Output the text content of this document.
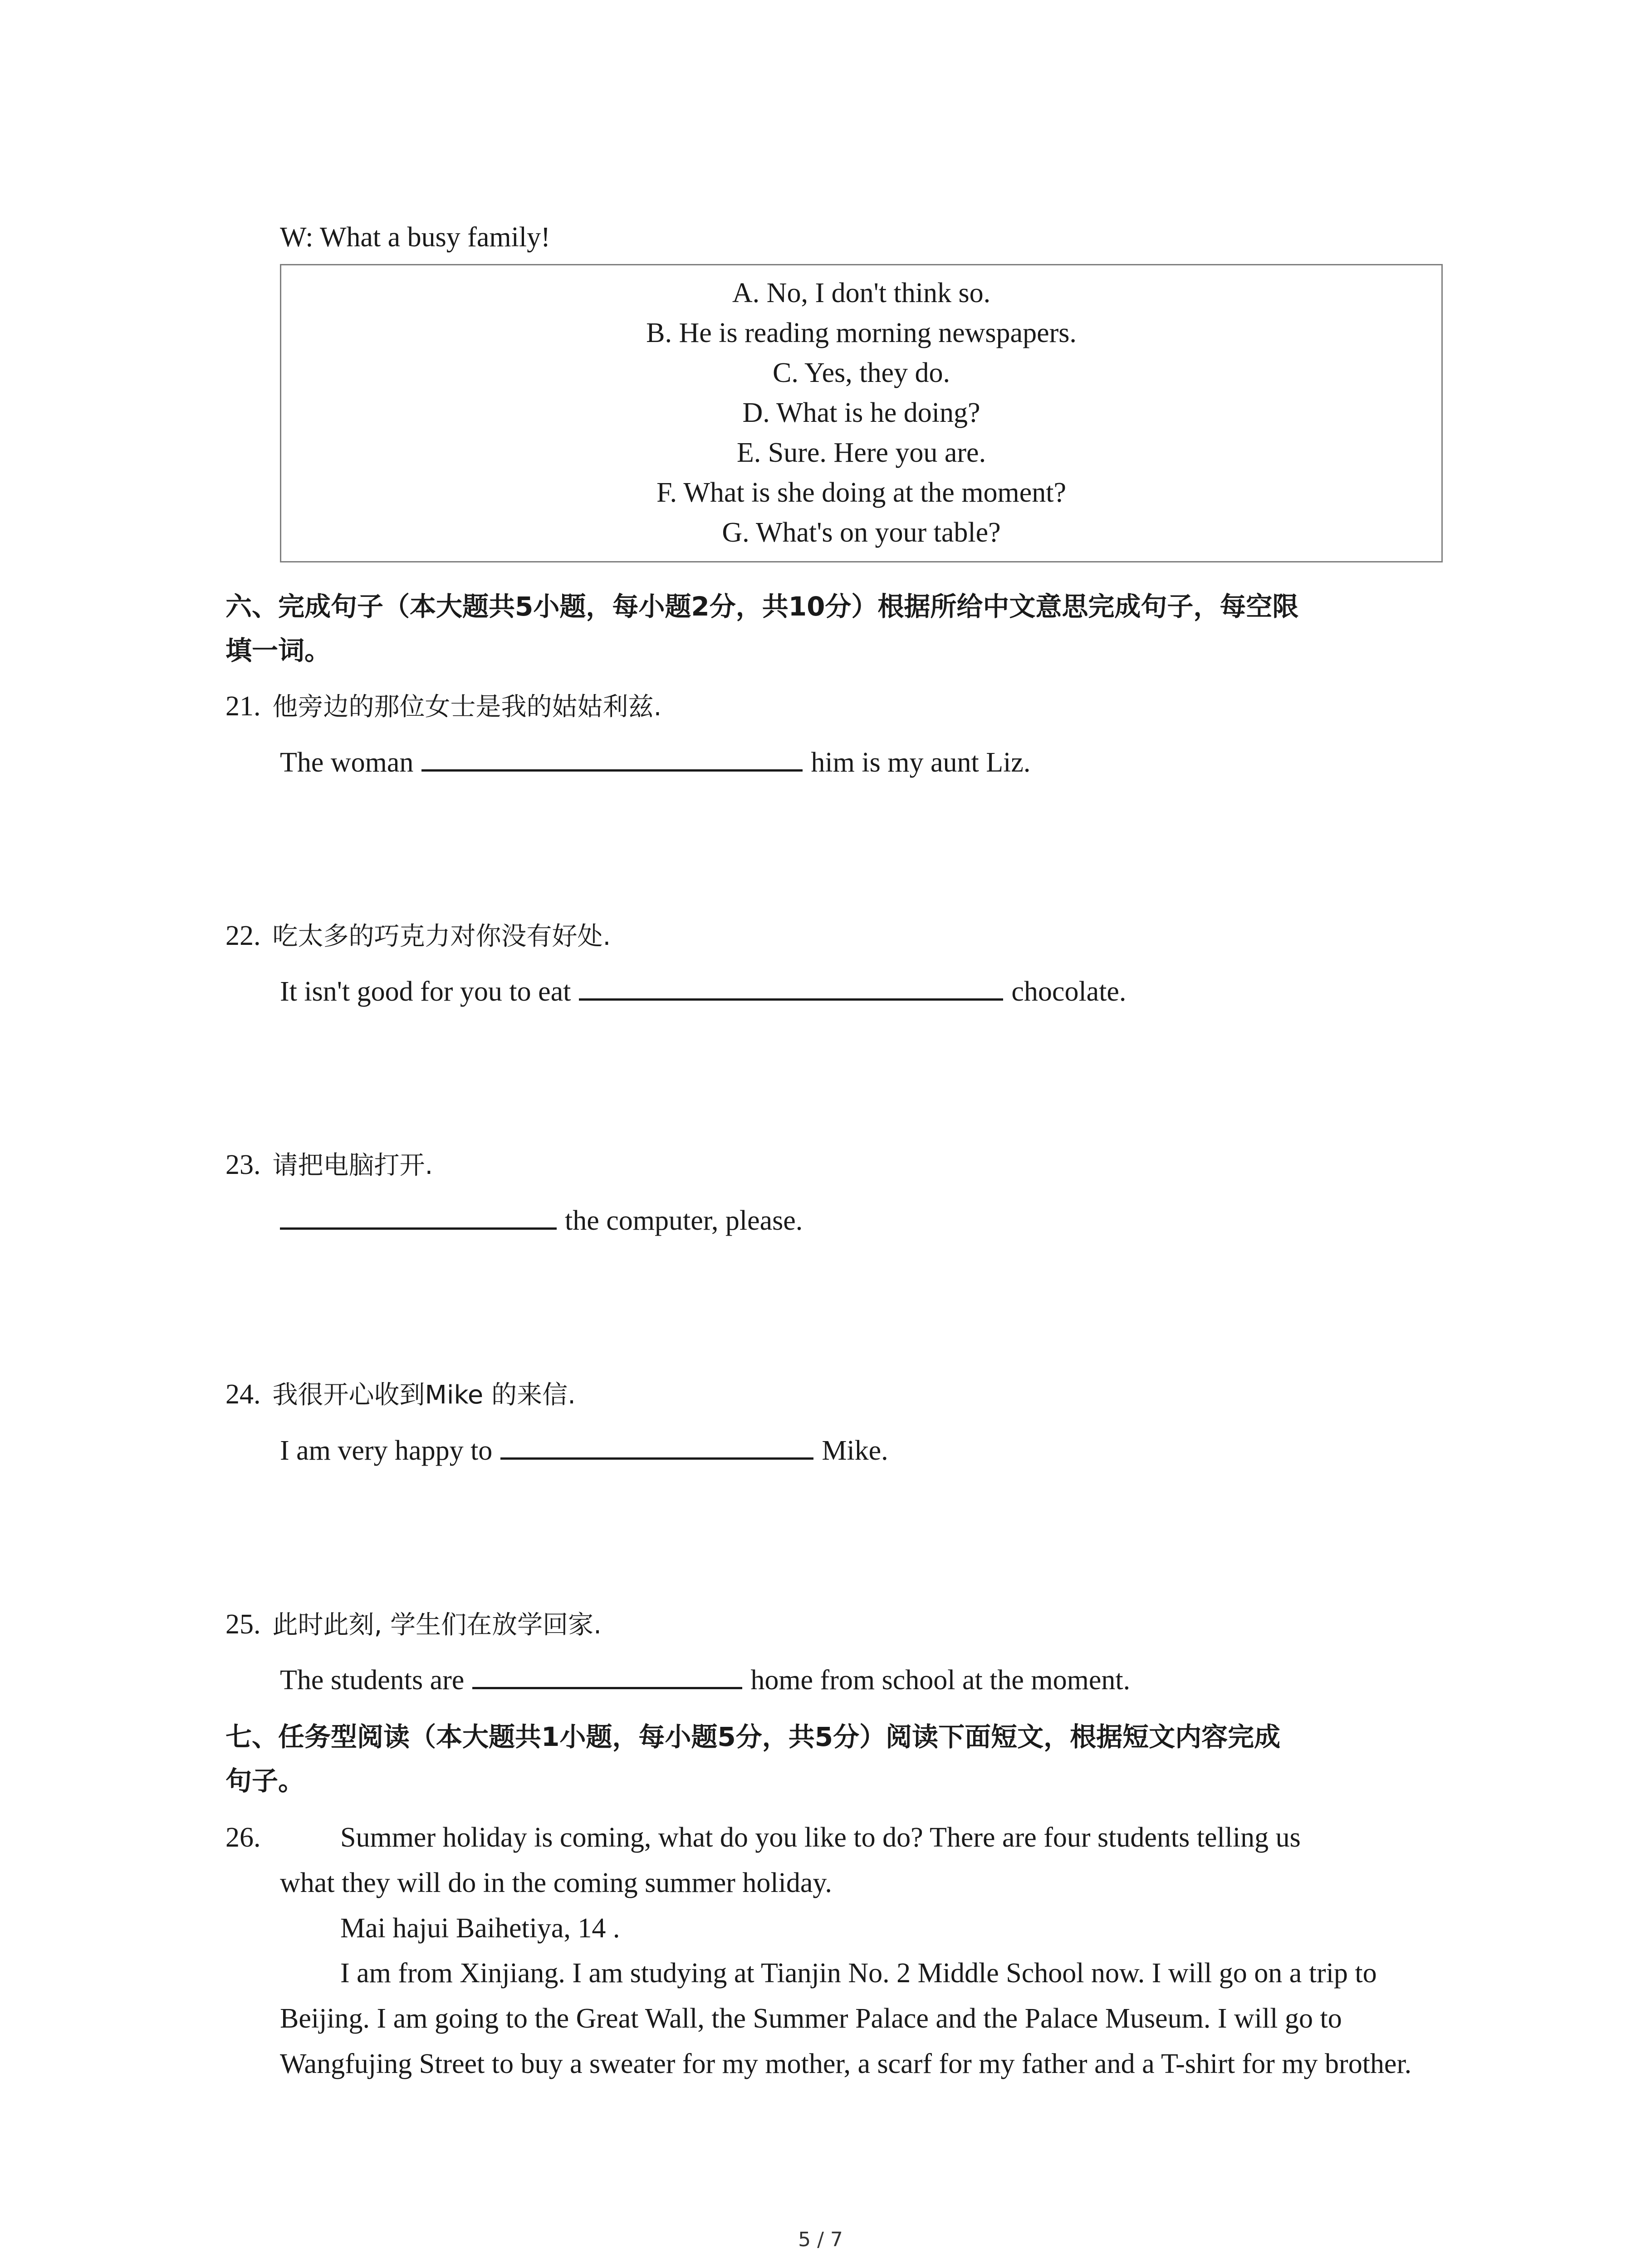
W: What a busy family!
A. No, I don't think so.
B. He is reading morning newspapers.
C. Yes, they do.
D. What is he doing?
E. Sure. Here you are.
F. What is she doing at the moment?
G. What's on your table?
六、完成句子（本大题共5小题，每小题2分，共10分）根据所给中文意思完成句子，每空限
填一词。
21. 他旁边的那位女士是我的姑姑利兹.
The woman	him is my aunt Liz.
22. 吃太多的巧克力对你没有好处.
It isn't good for you to eat	chocolate.
23. 请把电脑打开.
the computer, please.
24. 我很开心收到Mike 的来信.
I am very happy to	Mike.
25. 此时此刻, 学生们在放学回家.
The students are	home from school at the moment.
七、任务型阅读（本大题共1小题，每小题5分，共5分）阅读下面短文，根据短文内容完成
句子。
26.	Summer holiday is coming, what do you like to do? There are four students telling us
what they will do in the coming summer holiday.
Mai hajui Baihetiya, 14 .
I am from Xinjiang. I am studying at Tianjin No. 2 Middle School now. I will go on a trip to Beijing. I am going to the Great Wall, the Summer Palace and the Palace Museum. I will go to Wangfujing Street to buy a sweater for my mother, a scarf for my father and a T-shirt for my brother.
5 / 7
